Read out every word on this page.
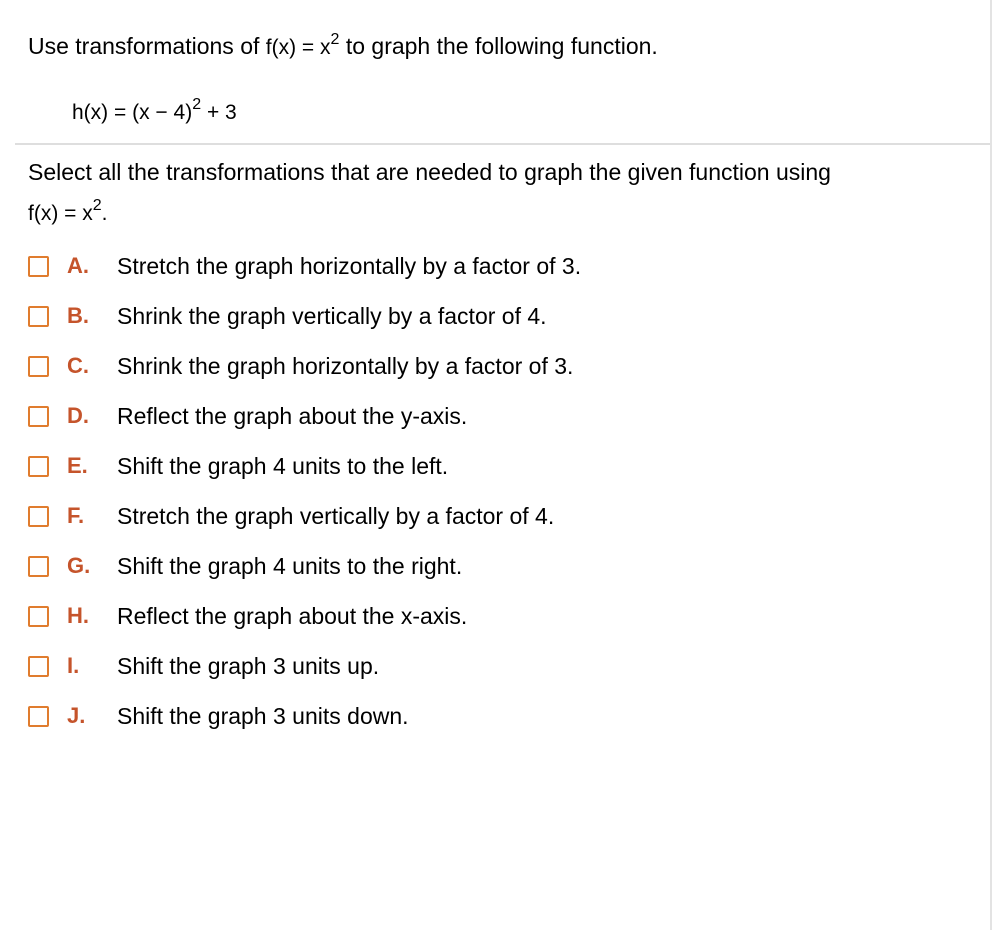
Use transformations of $f(x) = x^2$ to graph the following function.
$h(x) = (x - 4)^2 + 3$
Select all the transformations that are needed to graph the given function using
$f(x) = x^2$.
A. Stretch the graph horizontally by a factor of 3.
B. Shrink the graph vertically by a factor of 4.
C. Shrink the graph horizontally by a factor of 3.
D. Reflect the graph about the y-axis.
E. Shift the graph 4 units to the left.
F. Stretch the graph vertically by a factor of 4.
G. Shift the graph 4 units to the right.
H. Reflect the graph about the x-axis.
I. Shift the graph 3 units up.
J. Shift the graph 3 units down.
